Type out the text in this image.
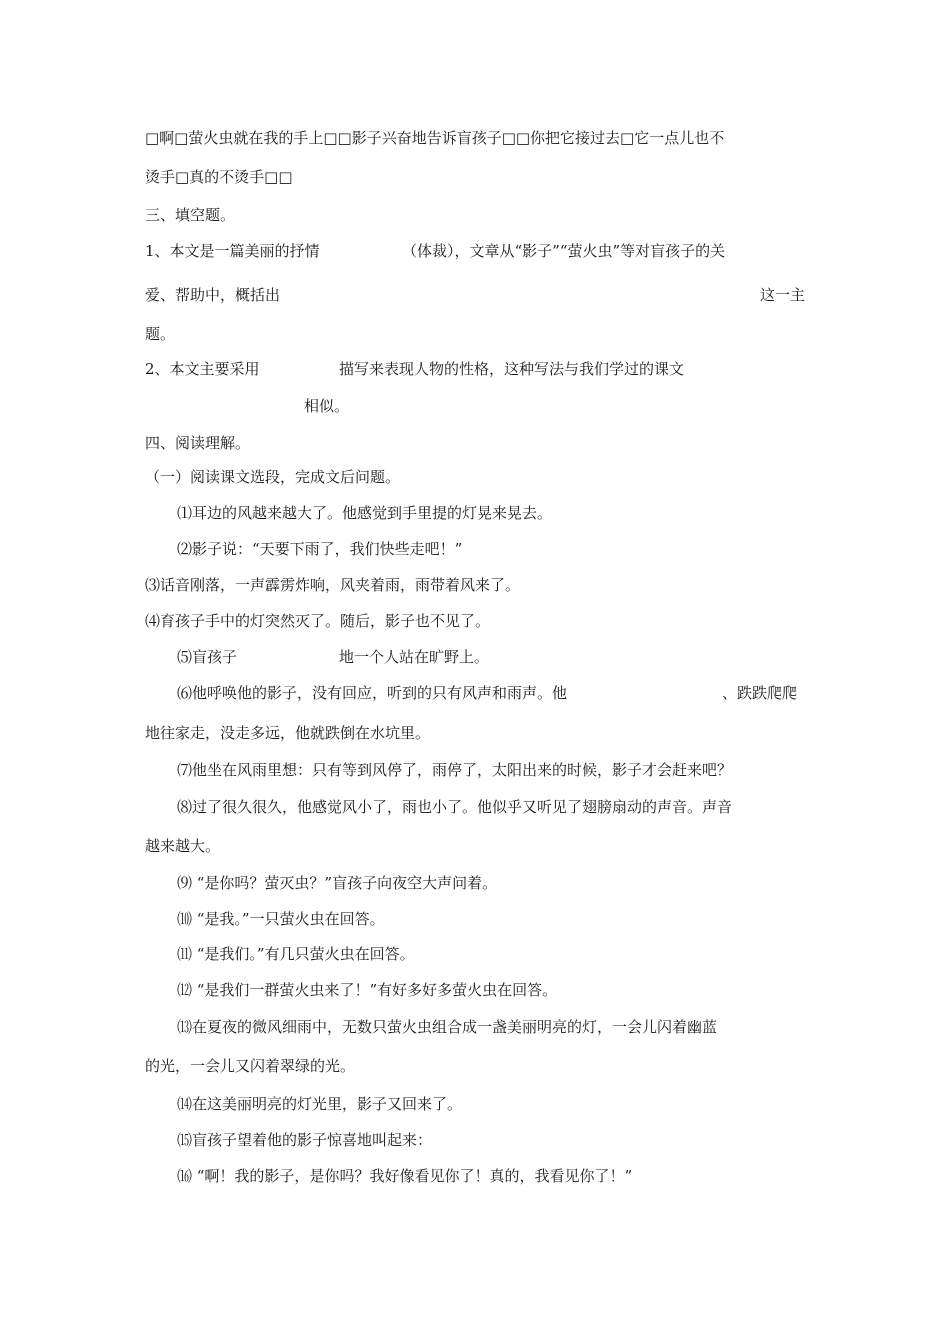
□啊□萤火虫就在我的手上□□影子兴奋地告诉盲孩子□□你把它接过去□它一点儿也不
烫手□真的不烫手□□
三、填空题。
1、本文是一篇美丽的抒情	（体裁），文章从“影子”“萤火虫”等对盲孩子的关
爱、帮助中，概括出	这一主
题。
2、本文主要采用	描写来表现人物的性格，这种写法与我们学过的课文
相似。
四、阅读理解。
（一）阅读课文选段，完成文后问题。
⑴耳边的风越来越大了。他感觉到手里提的灯晃来晃去。
⑵影子说：“天要下雨了，我们快些走吧！”
⑶话音刚落，一声霹雳炸响，风夹着雨，雨带着风来了。
⑷育孩子手中的灯突然灭了。随后，影子也不见了。
⑸盲孩子	地一个人站在旷野上。
⑹他呼唤他的影子，没有回应，听到的只有风声和雨声。他	、跌跌爬爬
地往家走，没走多远，他就跌倒在水坑里。
⑺他坐在风雨里想：只有等到风停了，雨停了，太阳出来的时候，影子才会赶来吧？
⑻过了很久很久，他感觉风小了，雨也小了。他似乎又听见了翅膀扇动的声音。声音
越来越大。
⑼ “是你吗？萤灭虫？”盲孩子向夜空大声问着。
⑽ “是我。”一只萤火虫在回答。
⑾ “是我们。”有几只萤火虫在回答。
⑿ “是我们一群萤火虫来了！”有好多好多萤火虫在回答。
⒀在夏夜的微风细雨中，无数只萤火虫组合成一盏美丽明亮的灯，一会儿闪着幽蓝
的光，一会儿又闪着翠绿的光。
⒁在这美丽明亮的灯光里，影子又回来了。
⒂盲孩子望着他的影子惊喜地叫起来：
⒃ “啊！我的影子，是你吗？我好像看见你了！真的，我看见你了！”
